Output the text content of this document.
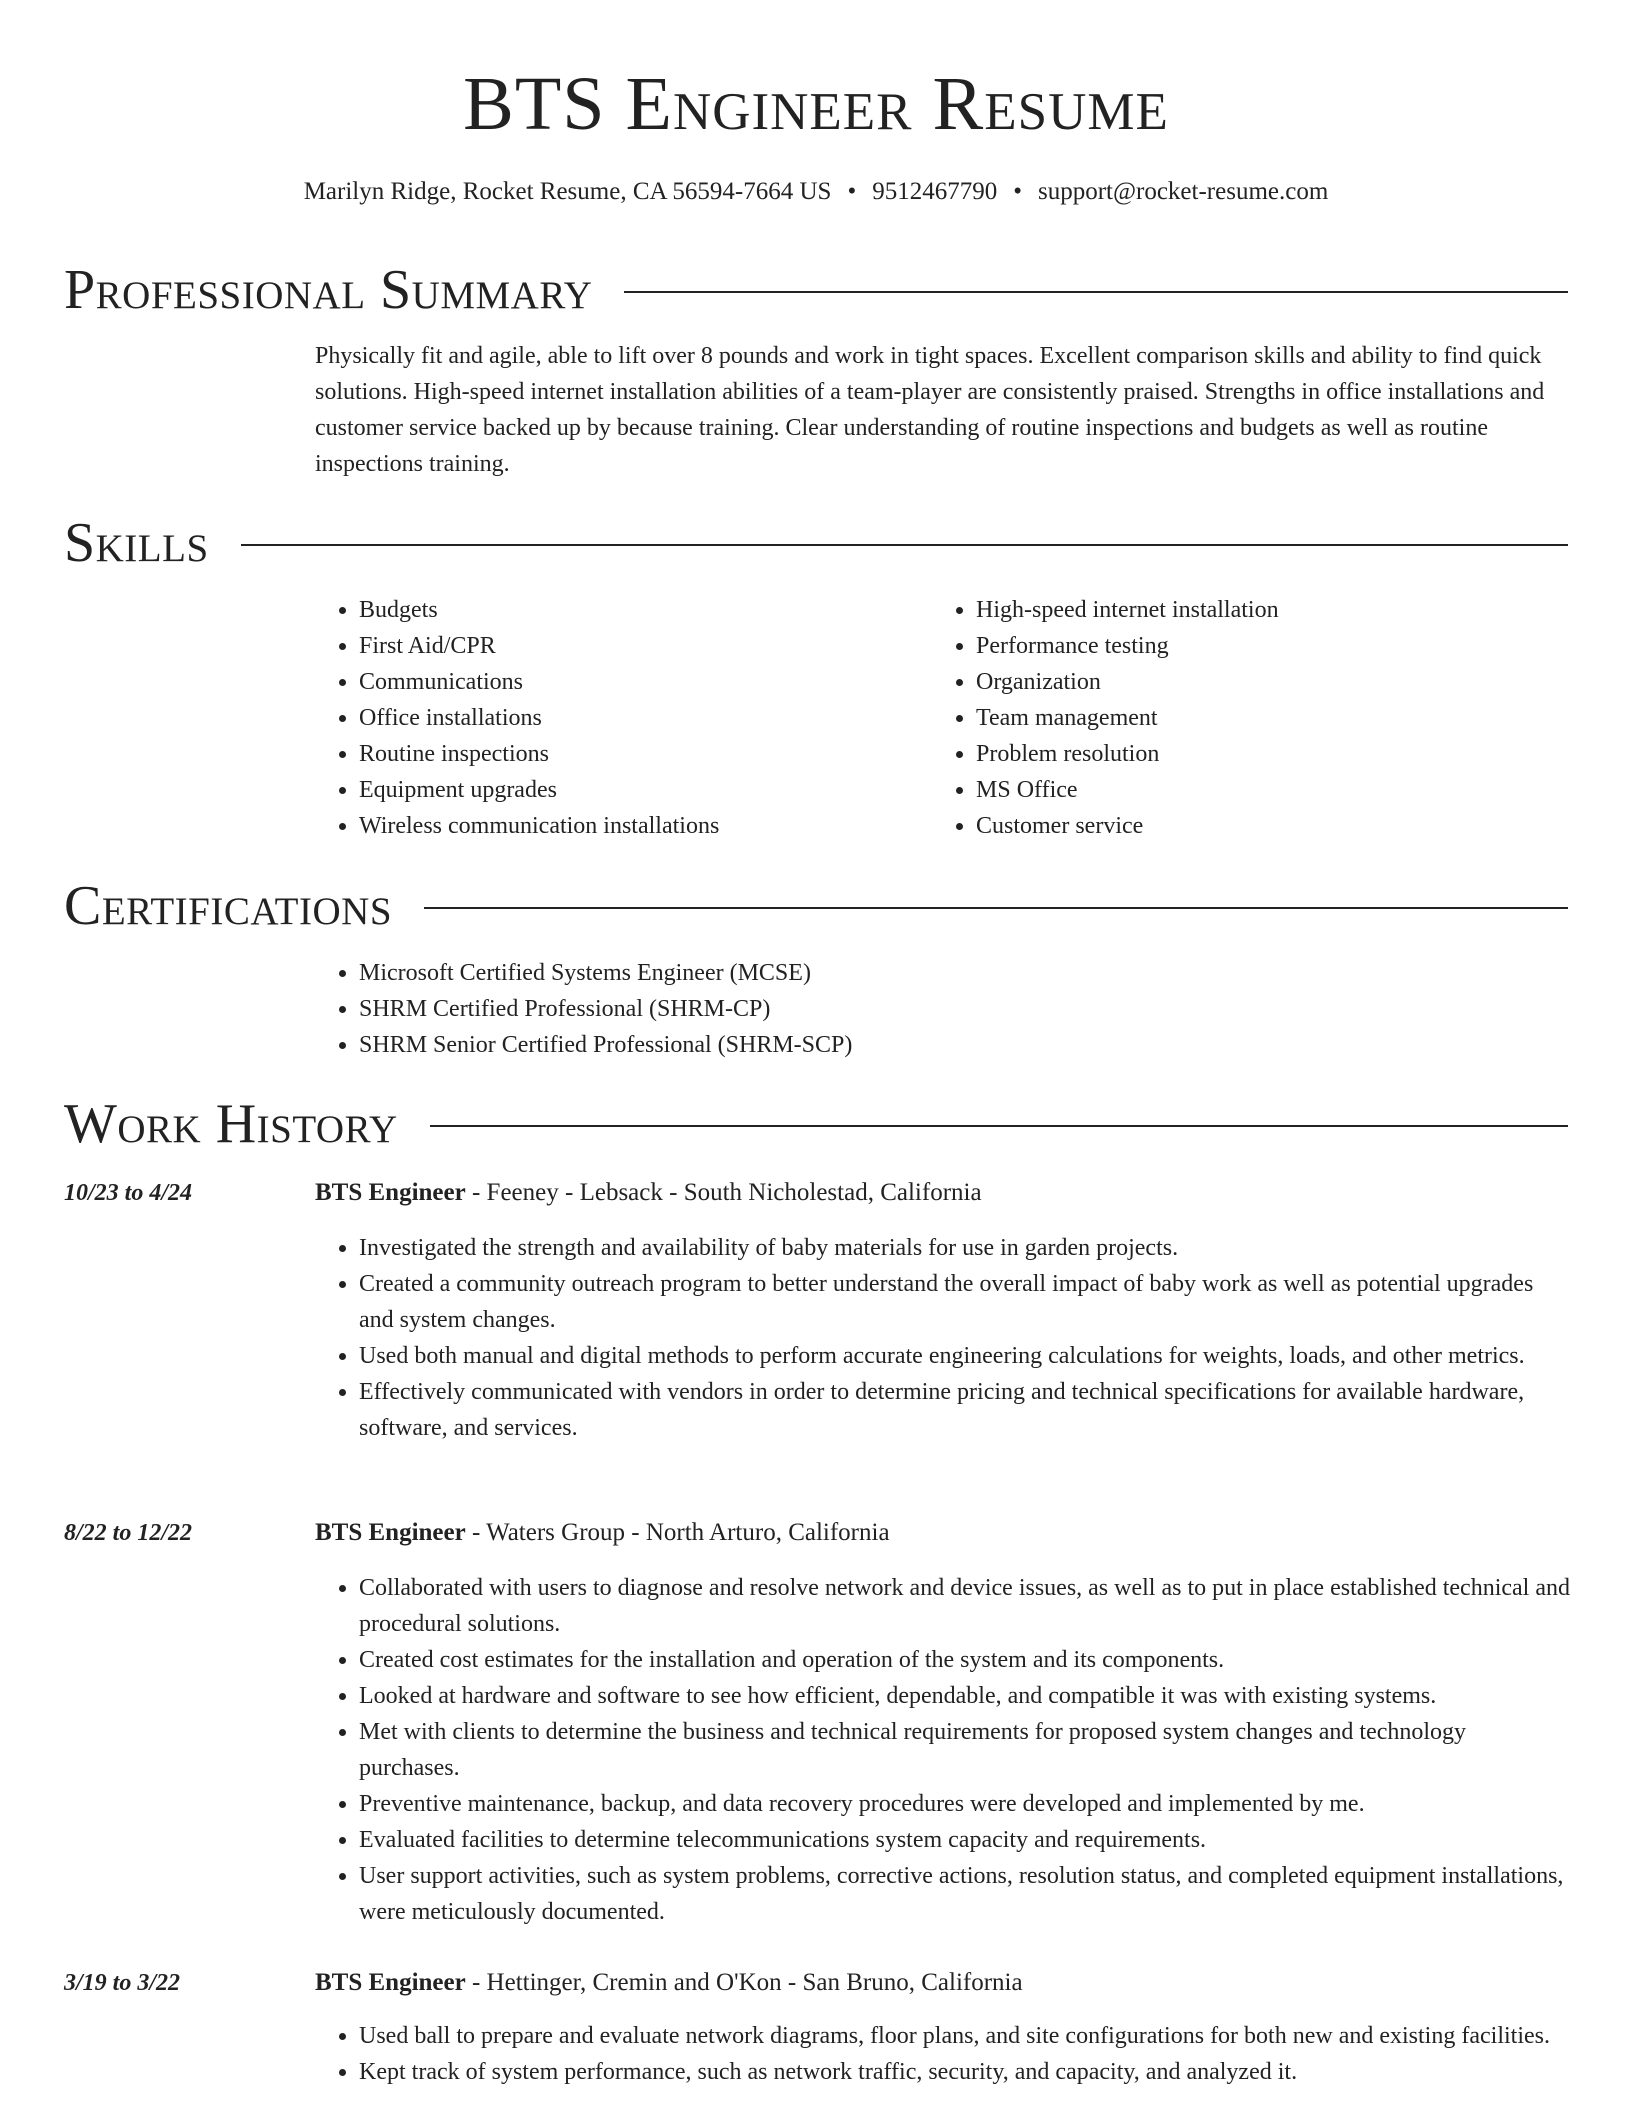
BTS Engineer Resume
Marilyn Ridge, Rocket Resume, CA 56594-7664 US • 9512467790 • support@rocket-resume.com
Professional Summary

Physically fit and agile, able to lift over 8 pounds and work in tight spaces. Excellent comparison skills and ability to find quick solutions. High-speed internet installation abilities of a team-player are consistently praised. Strengths in office installations and customer service backed up by because training. Clear understanding of routine inspections and budgets as well as routine inspections training.

Skills
• Budgets
• First Aid/CPR
• Communications
• Office installations
• Routine inspections
• Equipment upgrades
• Wireless communication installations
• High-speed internet installation
• Performance testing
• Organization
• Team management
• Problem resolution
• MS Office
• Customer service
Certifications
• Microsoft Certified Systems Engineer (MCSE)
• SHRM Certified Professional (SHRM-CP)
• SHRM Senior Certified Professional (SHRM-SCP)
Work History
10/23 to 4/24	BTS Engineer - Feeney - Lebsack - South Nicholestad, California
• Investigated the strength and availability of baby materials for use in garden projects.
• Created a community outreach program to better understand the overall impact of baby work as well as potential upgrades and system changes.
• Used both manual and digital methods to perform accurate engineering calculations for weights, loads, and other metrics.
• Effectively communicated with vendors in order to determine pricing and technical specifications for available hardware, software, and services.
8/22 to 12/22	BTS Engineer - Waters Group - North Arturo, California
• Collaborated with users to diagnose and resolve network and device issues, as well as to put in place established technical and procedural solutions.
• Created cost estimates for the installation and operation of the system and its components.
• Looked at hardware and software to see how efficient, dependable, and compatible it was with existing systems.
• Met with clients to determine the business and technical requirements for proposed system changes and technology purchases.
• Preventive maintenance, backup, and data recovery procedures were developed and implemented by me.
• Evaluated facilities to determine telecommunications system capacity and requirements.
• User support activities, such as system problems, corrective actions, resolution status, and completed equipment installations, were meticulously documented.
3/19 to 3/22	BTS Engineer - Hettinger, Cremin and O'Kon - San Bruno, California
• Used ball to prepare and evaluate network diagrams, floor plans, and site configurations for both new and existing facilities.
• Kept track of system performance, such as network traffic, security, and capacity, and analyzed it.
